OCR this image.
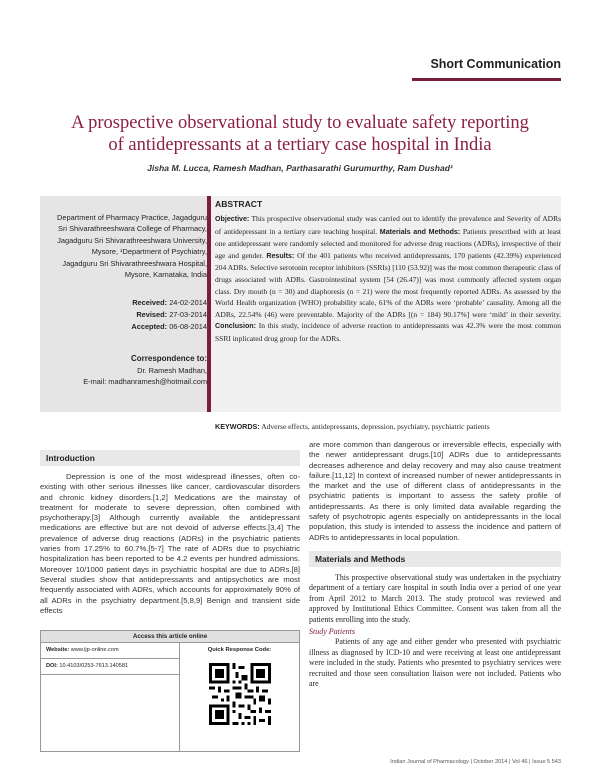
Short Communication
A prospective observational study to evaluate safety reporting
of antidepressants at a tertiary case hospital in India
Jisha M. Lucca, Ramesh Madhan, Parthasarathi Gurumurthy, Ram Dushad¹
Department of Pharmacy Practice, Jagadguru Sri Shivarathreeshwara College of Pharmacy, Jagadguru Sri Shivarathreeshwara University, Mysore, ¹Department of Psychiatry, Jagadguru Sri Shivarathreeshwara Hospital, Mysore, Karnataka, India
Received: 24-02-2014
Revised: 27-03-2014
Accepted: 06-08-2014
Correspondence to:
Dr. Ramesh Madhan,
E-mail: madhanramesh@hotmail.com
ABSTRACT
Objective: This prospective observational study was carried out to identify the prevalence and Severity of ADRs of antidepressant in a tertiary care teaching hospital. Materials and Methods: Patients prescribed with at least one antidepressant were randomly selected and monitored for adverse drug reactions (ADRs), irrespective of their age and gender. Results: Of the 401 patients who received antidepressants, 170 patients (42.39%) experienced 204 ADRs. Selective serotonin receptor inhibitors (SSRIs) [110 (53.92)] was the most common therapeutic class of drugs associated with ADRs. Gastrointestinal system [54 (26.47)] was most commonly affected system organ class. Dry mouth (n = 30) and diaphoresis (n = 21) were the most frequently reported ADRs. As assessed by the World Health organization (WHO) probability scale, 61% of the ADRs were ‘probable’ causality. Among all the ADRs, 22.54% (46) were preventable. Majority of the ADRs [(n = 184) 90.17%] were ‘mild’ in their severity. Conclusion: In this study, incidence of adverse reaction to antidepressants was 42.3% were the most common SSRI inplicated drug group for the ADRs.
KEYWORDS: Adverse effects, antidepressants, depression, psychiatry, psychiatric patients
Introduction

Depression is one of the most widespread illnesses, often co-existing with other serious illnesses like cancer, cardiovascular disorders and chronic kidney disorders.[1,2] Medications are the mainstay of treatment for moderate to severe depression, often combined with psychotherapy.[3] Although currently available the antidepressant medications are effective but are not devoid of adverse effects.[3,4] The prevalence of adverse drug reactions (ADRs) in the psychiatric patients varies from 17.25% to 60.7%.[5-7] The rate of ADRs due to psychiatric hospitalization has been reported to be 4.2 events per hundred admissions. Moreover 10/1000 patient days in psychiatric hospital are due to ADRs.[8] Several studies show that antidepressants and antipsychotics are most frequently associated with ADRs, which accounts for approximately 90% of all ADRs in the psychiatry department.[5,8,9] Benign and transient side effects

are more common than dangerous or irreversible effects, especially with the newer antidepressant drugs.[10] ADRs due to antidepressants decreases adherence and delay recovery and may also cause treatment failure.[11,12] In context of increased number of newer antidepressants in the market and the use of different class of antidepressants in the psychiatric patients is important to assess the safety profile of antidepressants. As there is only limited data available regarding the safety of psychotropic agents especially on antidepressants in the local population, this study is intended to assess the incidence and pattern of ADRs to antidepressants in local population.

Materials and Methods

This prospective observational study was undertaken in the psychiatry department of a tertiary care hospital in south India over a period of one year from April 2012 to March 2013. The study protocol was reviewed and approved by Institutional Ethics Committee. Consent was taken from all the patients enrolling into the study.

Study Patients

Patients of any age and either gender who presented with psychiatric illness as diagnosed by ICD-10 and were receiving at least one antidepressant were included in the study. Patients who presented to psychiatry services were recruited and those seen consultation liaison were not included. Patients who are

Access this article online
Website: www.ijp-online.com
DOI: 10.4103/0253-7613.140581
Quick Response Code:
Indian Journal of Pharmacology | October 2014 | Vol 46 | Issue 5 543
